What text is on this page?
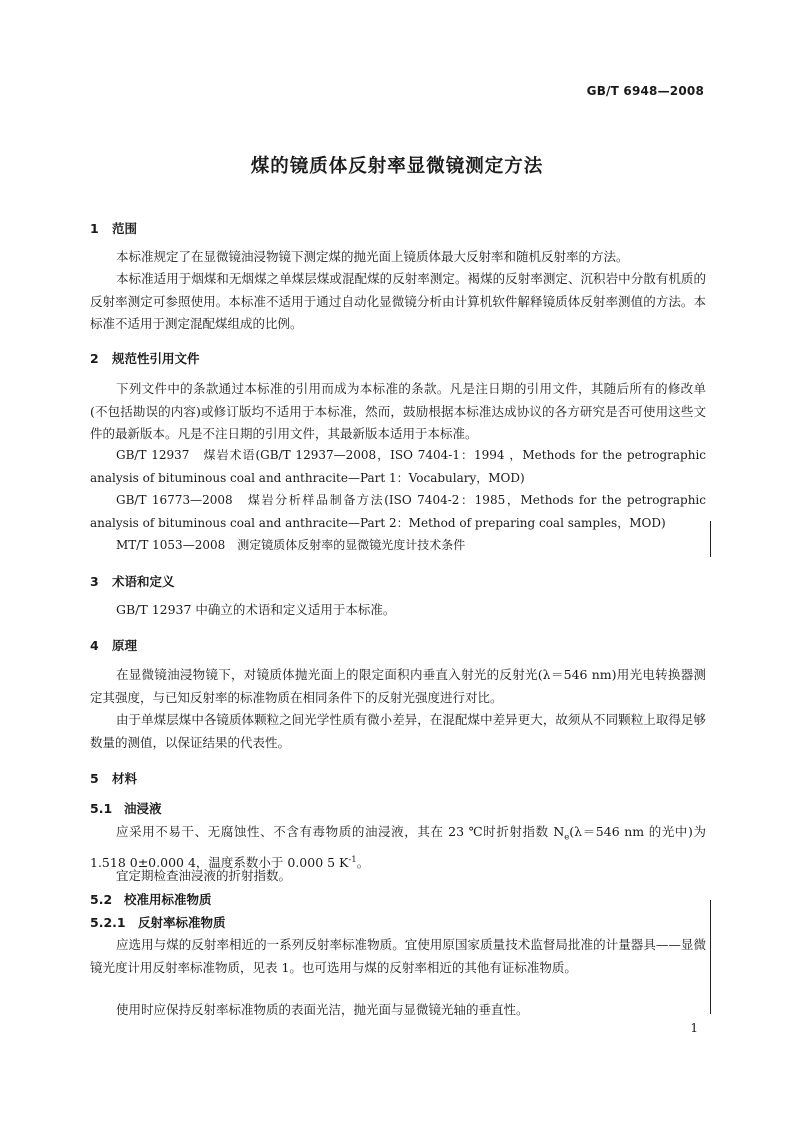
GB/T 6948—2008
煤的镜质体反射率显微镜测定方法
1 范围
本标准规定了在显微镜油浸物镜下测定煤的抛光面上镜质体最大反射率和随机反射率的方法。
本标准适用于烟煤和无烟煤之单煤层煤或混配煤的反射率测定。褐煤的反射率测定、沉积岩中分散有机质的反射率测定可参照使用。本标准不适用于通过自动化显微镜分析由计算机软件解释镜质体反射率测值的方法。本标准不适用于测定混配煤组成的比例。
2 规范性引用文件
下列文件中的条款通过本标准的引用而成为本标准的条款。凡是注日期的引用文件，其随后所有的修改单(不包括勘误的内容)或修订版均不适用于本标准，然而，鼓励根据本标准达成协议的各方研究是否可使用这些文件的最新版本。凡是不注日期的引用文件，其最新版本适用于本标准。
GB/T 12937　煤岩术语(GB/T 12937—2008，ISO 7404-1：1994 ，Methods for the petrographic analysis of bituminous coal and anthracite—Part 1：Vocabulary，MOD)
GB/T 16773—2008　煤岩分析样品制备方法(ISO 7404-2：1985，Methods for the petrographic analysis of bituminous coal and anthracite—Part 2：Method of preparing coal samples，MOD)
MT/T 1053—2008　测定镜质体反射率的显微镜光度计技术条件
3 术语和定义
GB/T 12937 中确立的术语和定义适用于本标准。
4 原理
在显微镜油浸物镜下，对镜质体抛光面上的限定面积内垂直入射光的反射光(λ＝546 nm)用光电转换器测定其强度，与已知反射率的标准物质在相同条件下的反射光强度进行对比。
由于单煤层煤中各镜质体颗粒之间光学性质有微小差异，在混配煤中差异更大，故须从不同颗粒上取得足够数量的测值，以保证结果的代表性。
5 材料
5.1 油浸液
应采用不易干、无腐蚀性、不含有毒物质的油浸液，其在 23 ℃时折射指数 $N_e(\lambda=546$ nm 的光中)为 1.518 0±0.000 4，温度系数小于 0.000 5 $K^{-1}$。
宜定期检查油浸液的折射指数。
5.2 校准用标准物质
5.2.1 反射率标准物质
应选用与煤的反射率相近的一系列反射率标准物质。宜使用原国家质量技术监督局批准的计量器具——显微镜光度计用反射率标准物质，见表 1。也可选用与煤的反射率相近的其他有证标准物质。
使用时应保持反射率标准物质的表面光洁，抛光面与显微镜光轴的垂直性。
1
